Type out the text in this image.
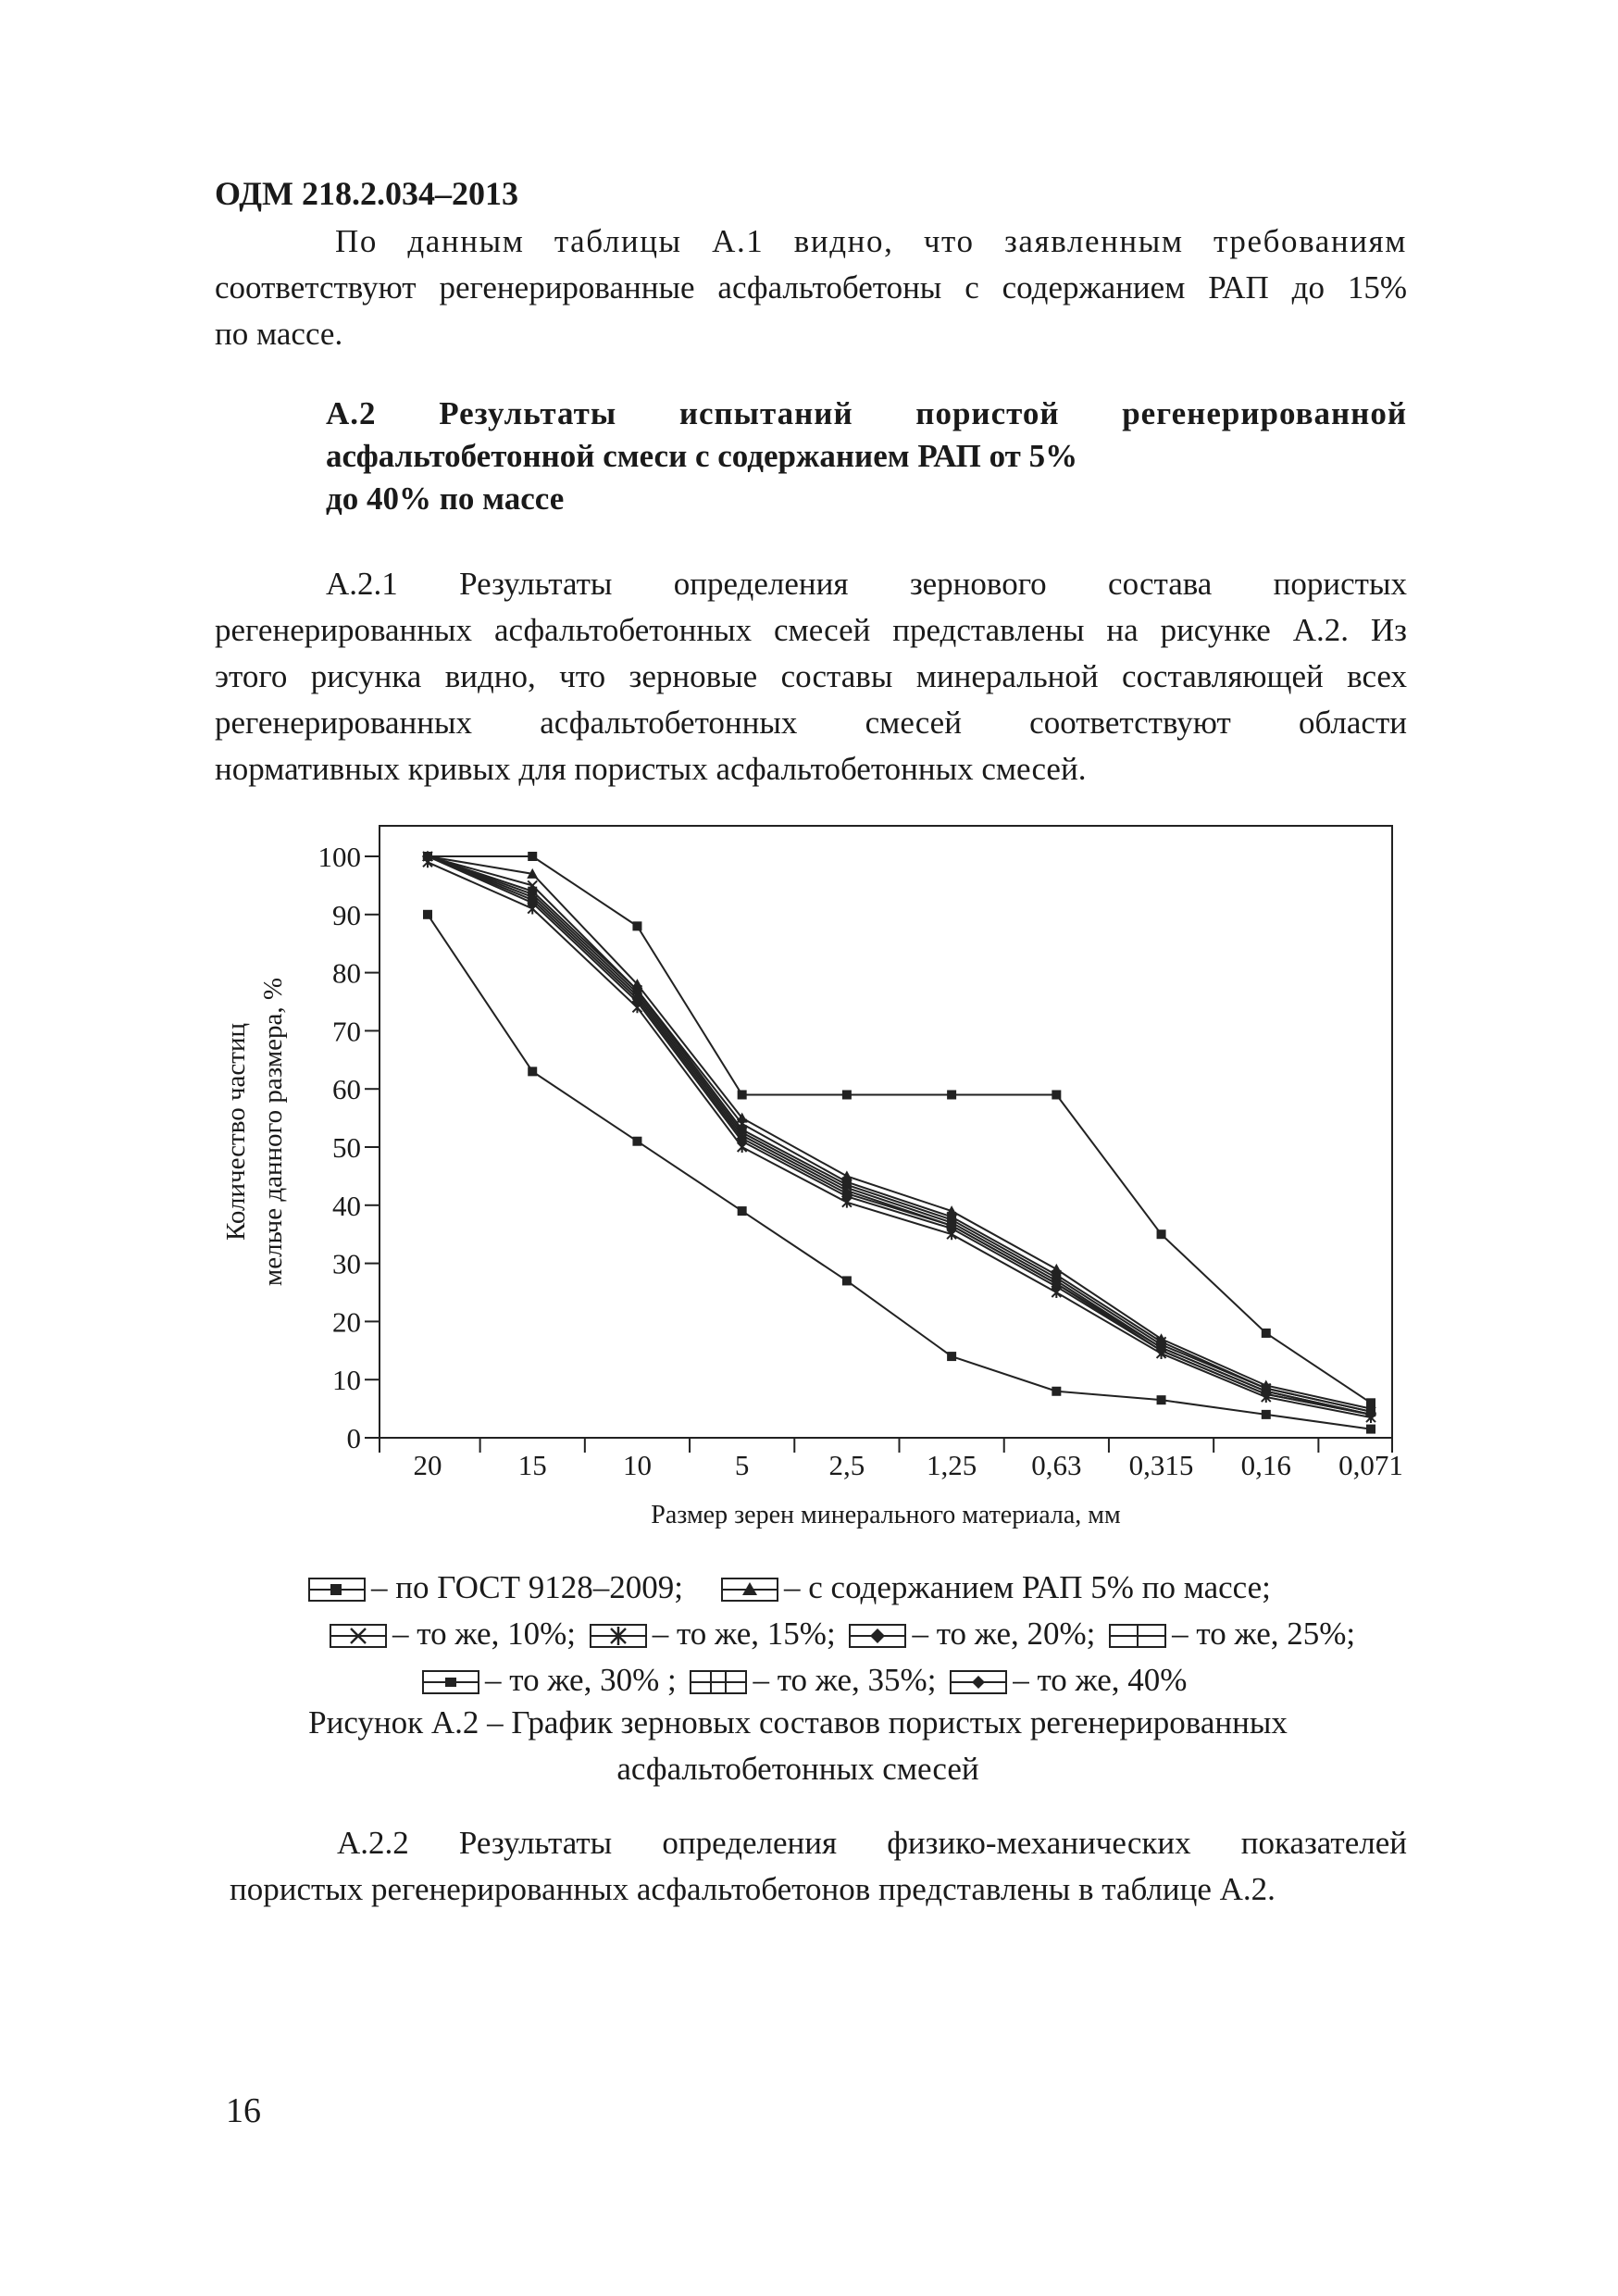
ОДМ 218.2.034–2013
По данным таблицы А.1 видно, что заявленным требованиям
соответствуют регенерированные асфальтобетоны с содержанием РАП до 15%
по массе.
А.2 Результаты испытаний пористой регенерированной
асфальтобетонной смеси с содержанием РАП от 5%
до 40% по массе
А.2.1 Результаты определения зернового состава пористых
регенерированных асфальтобетонных смесей представлены на рисунке А.2. Из
этого рисунка видно, что зерновые составы минеральной составляющей всех
регенерированных асфальтобетонных смесей соответствуют области
нормативных кривых для пористых асфальтобетонных смесей.
0
10
20
30
40
50
60
70
80
90
100
20	15	10	5	2,5 1,25 0,63 0,315 0,16 0,071
Размер зерен минерального материала, мм
Количество частиц мельче данного размера, %
– по ГОСТ 9128–2009;	– с содержанием РАП 5% по массе;
– то же, 10%; – то же, 15%; – то же, 20%; – то же, 25%;
– то же, 30% ; – то же, 35%; – то же, 40%
Рисунок А.2 – График зерновых составов пористых регенерированных
асфальтобетонных смесей
А.2.2 Результаты определения физико-механических показателей
пористых регенерированных асфальтобетонов представлены в таблице А.2.
16
